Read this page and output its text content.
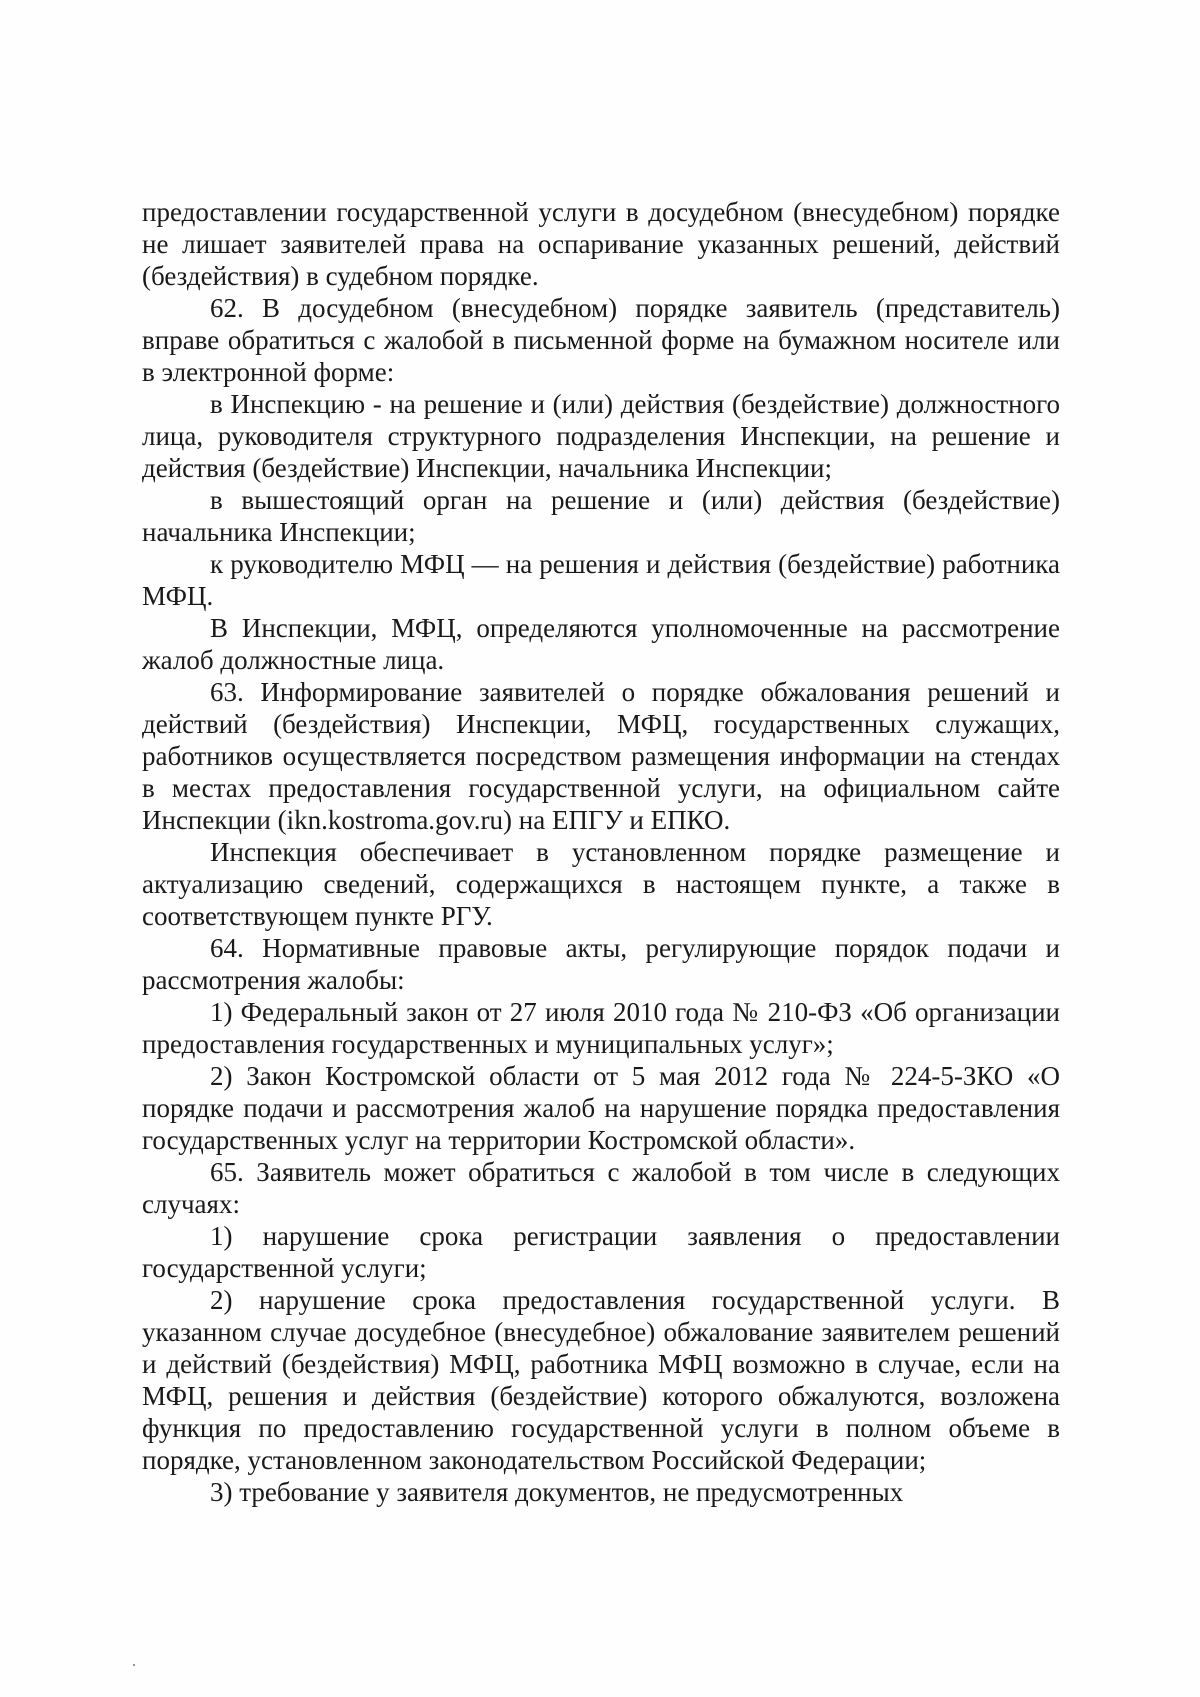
предоставлении государственной услуги в досудебном (внесудебном) порядке не лишает заявителей права на оспаривание указанных решений, действий (бездействия) в судебном порядке.

62. В досудебном (внесудебном) порядке заявитель (представитель) вправе обратиться с жалобой в письменной форме на бумажном носителе или в электронной форме:

в Инспекцию - на решение и (или) действия (бездействие) должностного лица, руководителя структурного подразделения Инспекции, на решение и действия (бездействие) Инспекции, начальника Инспекции;

в вышестоящий орган на решение и (или) действия (бездействие) начальника Инспекции;

к руководителю МФЦ — на решения и действия (бездействие) работника МФЦ.

В Инспекции, МФЦ, определяются уполномоченные на рассмотрение жалоб должностные лица.

63. Информирование заявителей о порядке обжалования решений и действий (бездействия) Инспекции, МФЦ, государственных служащих, работников осуществляется посредством размещения информации на стендах в местах предоставления государственной услуги, на официальном сайте Инспекции (ikn.kostroma.gov.ru) на ЕПГУ и ЕПКО.

Инспекция обеспечивает в установленном порядке размещение и актуализацию сведений, содержащихся в настоящем пункте, а также в соответствующем пункте РГУ.

64. Нормативные правовые акты, регулирующие порядок подачи и рассмотрения жалобы:

1) Федеральный закон от 27 июля 2010 года № 210-ФЗ «Об организации предоставления государственных и муниципальных услуг»;

2) Закон Костромской области от 5 мая 2012 года № 224-5-ЗКО «О порядке подачи и рассмотрения жалоб на нарушение порядка предоставления государственных услуг на территории Костромской области».

65. Заявитель может обратиться с жалобой в том числе в следующих случаях:

1) нарушение срока регистрации заявления о предоставлении государственной услуги;

2) нарушение срока предоставления государственной услуги. В указанном случае досудебное (внесудебное) обжалование заявителем решений и действий (бездействия) МФЦ, работника МФЦ возможно в случае, если на МФЦ, решения и действия (бездействие) которого обжалуются, возложена функция по предоставлению государственной услуги в полном объеме в порядке, установленном законодательством Российской Федерации;

3) требование у заявителя документов, не предусмотренных
